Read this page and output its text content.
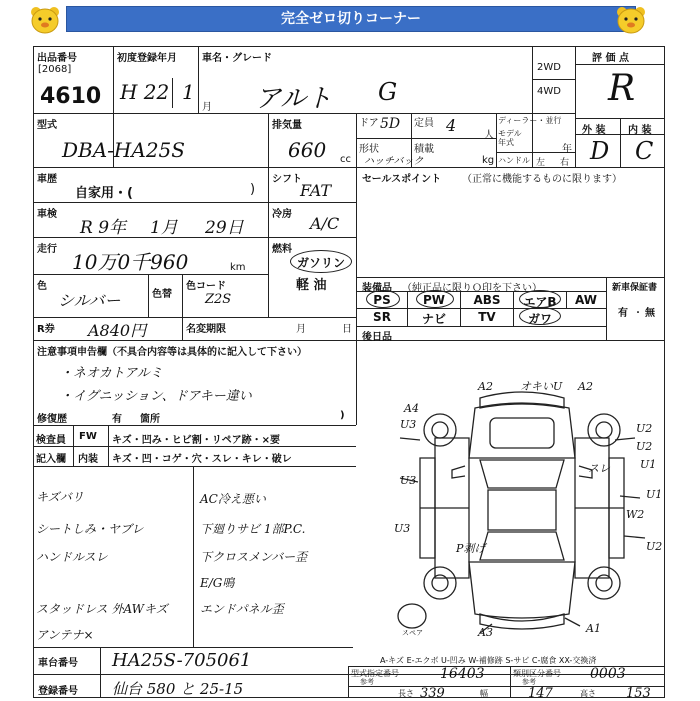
完全ゼロ切りコーナー
出品番号
[2068]
4610
初度登録年月
H 22 1
月
車名・グレード
アルト G
2WD
4WD
評 価 点
R
外 装 内 装
D C
型式
DBA-HA25S
排気量
660 cc
ドア 5D 定員 4
人
形状
ハッチバック
積載
kg
ディーラー・並行
モデル年式
年
ハンドル 左 右
車歴
自家用・(	)
シフト
FAT
車検
R 9年 1月 29日
冷房 A/C
走行
10万0千960	km
燃料
ガソリン
軽 油
色
シルバー	色替
色コード
Z2S
R券 A840円	名変期限	月	日
セールスポイント （正常に機能するものに限ります）
装備品 （純正品に限りＯ印を下さい）
PS	PW	ABS	エアB	AW
SR	ナビ	TV	ガワ
新車保証書
有 ・ 無
後日品
注意事項申告欄（不具合内容等は具体的に記入して下さい）
・ネオカトアルミ
・イグニッション、ドアキー違い
修復歴	有 箇所	)
検査員 FW キズ・凹み・ヒビ割・リペア跡・×要
記入欄 内装 キズ・凹・コゲ・穴・スレ・キレ・破レ
キズバリ
シートしみ・ヤブレ
ハンドルスレ
スタッドレス 外AWキズ
アンテナ×
AC冷え悪い
下廻りサビ 1部P.C.
下クロスメンバー歪
E/G鳴
エンドパネル歪
A2 オキいU A2
A4
U3	U2
U2
スレ	U1
W2
U1
U3
U3
P剥げ
A3	A1
U2
スペア
A-キズ E-エクボ U-凹み W-補修跡 S-サビ C-腐食 XX-交換済
車台番号 HA25S-705061
登録番号 仙台 580 と 25-15
型式指定番号
参考	16403	類別区分番号
参考	0003
長さ 339	幅	147	高さ 153
